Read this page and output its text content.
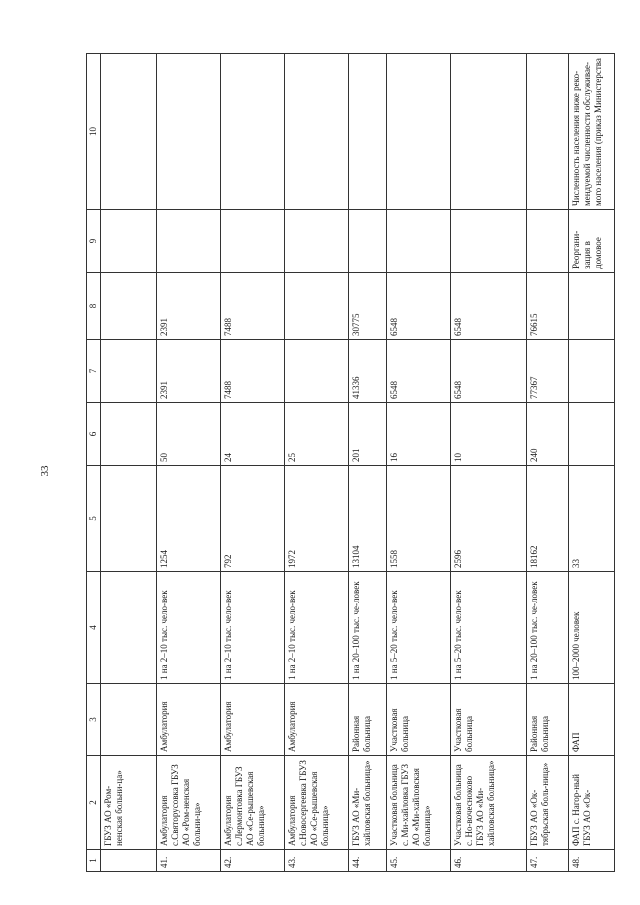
33
1	2	3	4	5	6	7	8	9	10
	ГБУЗ АО «Ром-ненская больни-ца»								
41.	Амбулатория с.Святорусовка ГБУЗ АО «Ром-ненская больни-ца»	Амбулатория	1 на 2–10 тыс. чело-век	1254	50	2391	2391		
42.	Амбулатория с.Лермонтовка ГБУЗ АО «Се-рышевская больница»	Амбулатория	1 на 2–10 тыс. чело-век	792	24	7488	7488		
43.	Амбулатория с.Новосергеевка ГБУЗ АО «Се-рышевская больница»	Амбулатория	1 на 2–10 тыс. чело-век	1972	25				
44.	ГБУЗ АО «Ми-хайловская больница»	Районная больница	1 на 20–100 тыс. че-ловек	13104	201	41336	30775		
45.	Участковая больница с. Ми-хайловка ГБУЗ АО «Ми-хайловская больница»	Участковая больница	1 на 5–20 тыс. чело-век	1558	16	6548	6548		
46.	Участковая больница с. Но-вочесноково ГБУЗ АО «Ми-хайловская больница»	Участковая больница	1 на 5–20 тыс. чело-век	2596	10	6548	6548		
47.	ГБУЗ АО «Ок-тябрьская боль-ница»	Районная больница	1 на 20–100 тыс. че-ловек	18162	240	77367	76615		
48.	ФАП с. Нагор-ный ГБУЗ АО «Ок-	ФАП	100–2000 человек	33				Реоргани-зация в домовое	Численность населения ниже реко-мендуемой численности обслуживае-мого населения (приказ Министерства
